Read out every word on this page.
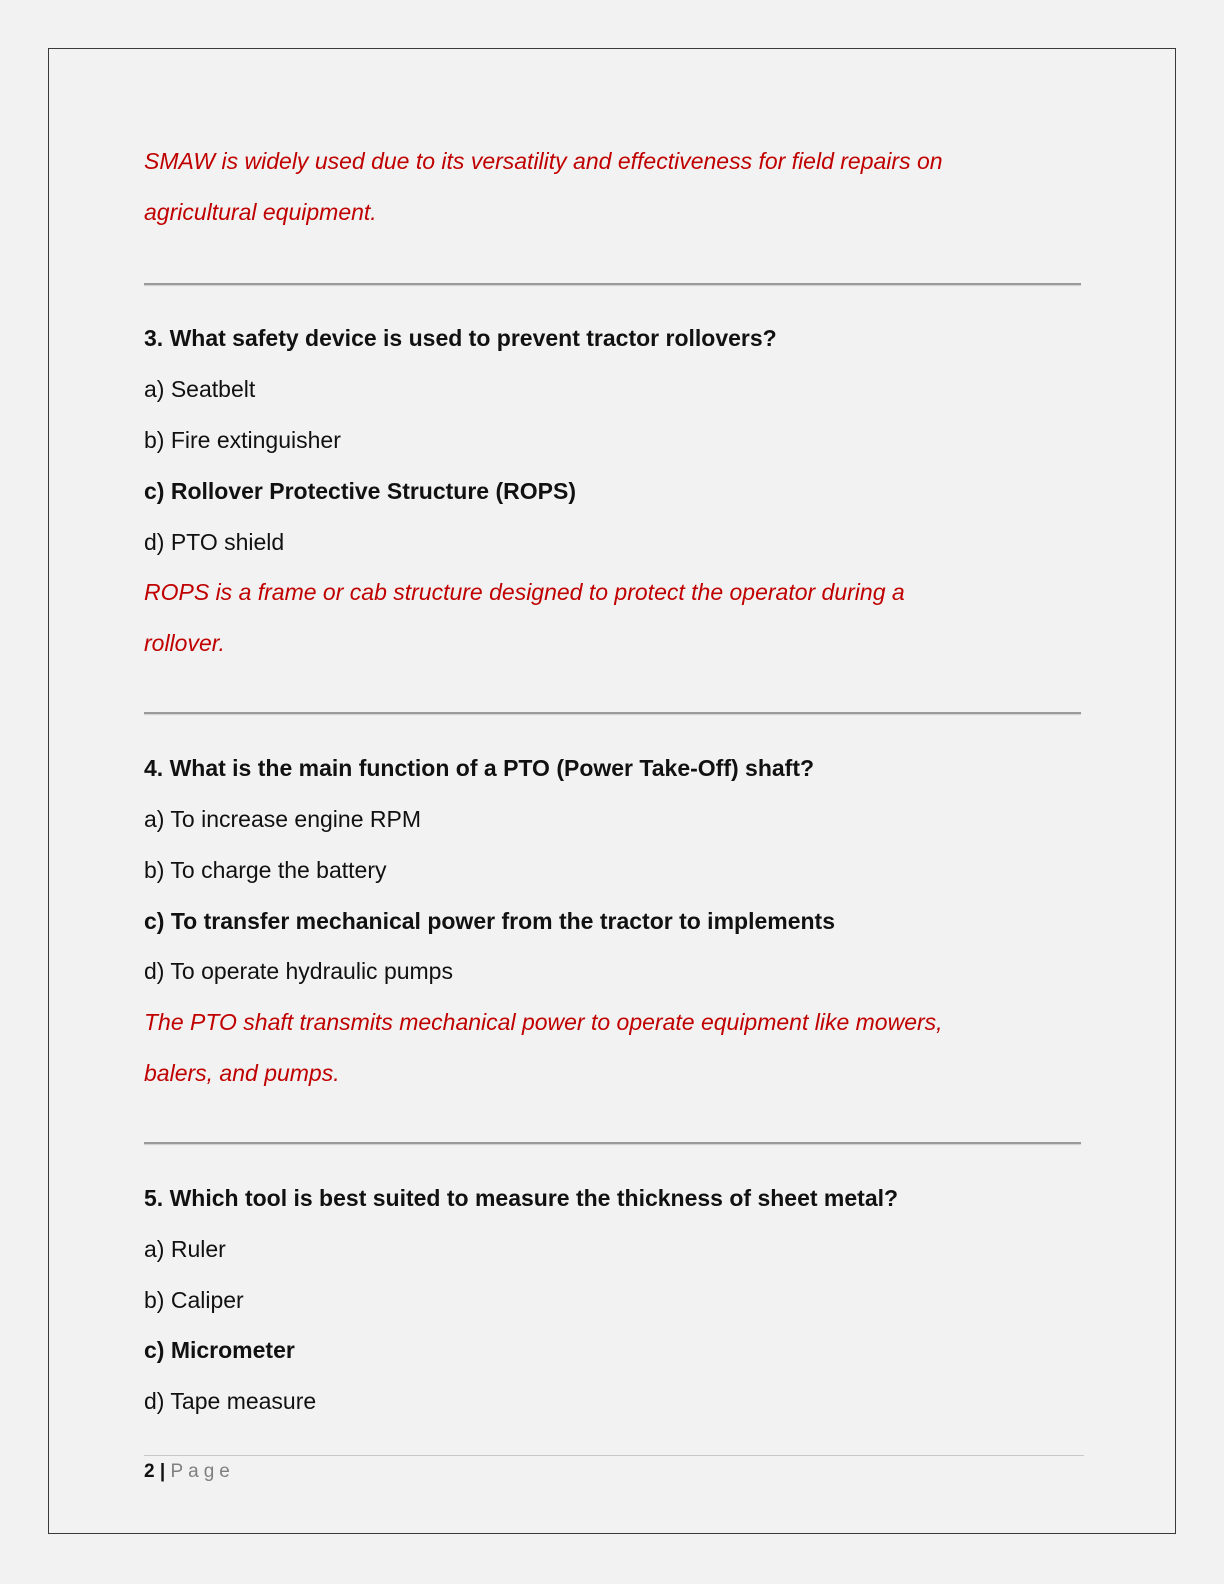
SMAW is widely used due to its versatility and effectiveness for field repairs on

agricultural equipment.

3. What safety device is used to prevent tractor rollovers?

a) Seatbelt

b) Fire extinguisher

c) Rollover Protective Structure (ROPS)

d) PTO shield

ROPS is a frame or cab structure designed to protect the operator during a

rollover.

4. What is the main function of a PTO (Power Take-Off) shaft?

a) To increase engine RPM

b) To charge the battery

c) To transfer mechanical power from the tractor to implements

d) To operate hydraulic pumps

The PTO shaft transmits mechanical power to operate equipment like mowers,

balers, and pumps.

5. Which tool is best suited to measure the thickness of sheet metal?

a) Ruler

b) Caliper

c) Micrometer

d) Tape measure

2 | Page
